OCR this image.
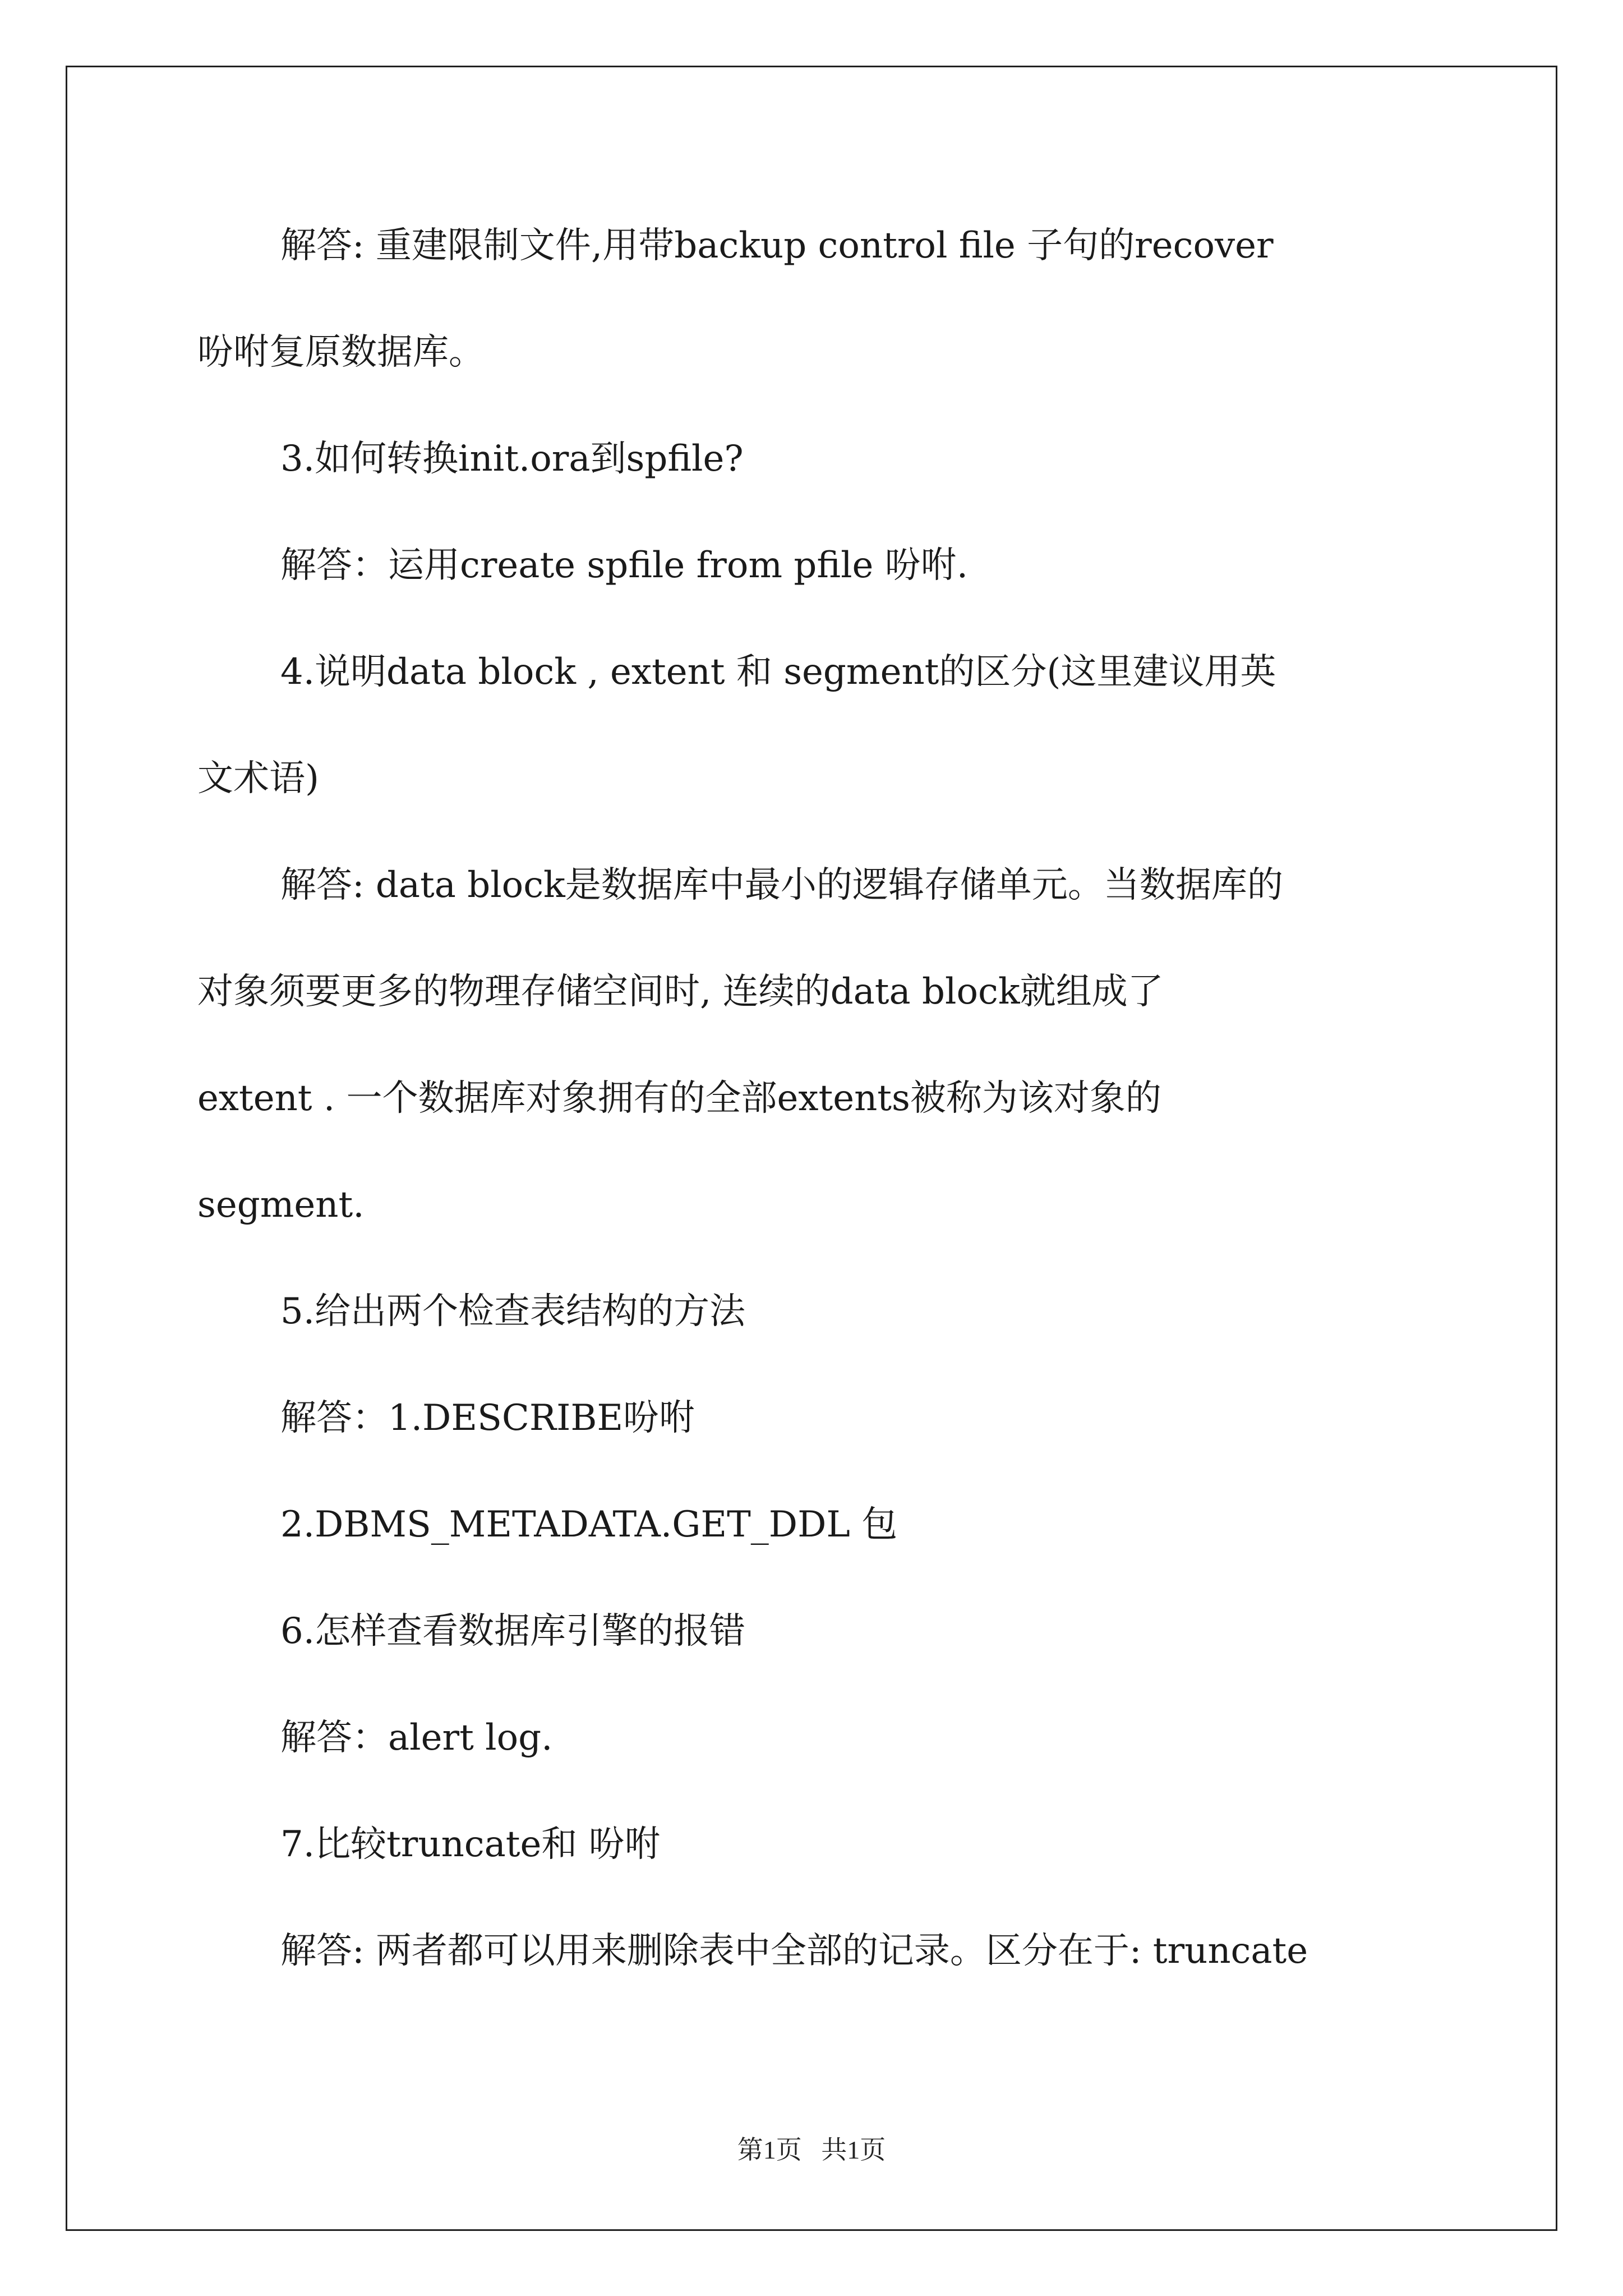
解答: 重建限制文件,用带backup control file 子句的recover

吩咐复原数据库。

3.如何转换init.ora到spfile?

解答：运用create spfile from pfile 吩咐.

4.说明data block , extent 和 segment的区分(这里建议用英

文术语)

解答: data block是数据库中最小的逻辑存储单元。当数据库的

对象须要更多的物理存储空间时, 连续的data block就组成了

extent . 一个数据库对象拥有的全部extents被称为该对象的

segment.

5.给出两个检查表结构的方法

解答：1.DESCRIBE吩咐

2.DBMS_METADATA.GET_DDL 包

6.怎样查看数据库引擎的报错

解答：alert log.

7.比较truncate和 吩咐

解答: 两者都可以用来删除表中全部的记录。区分在于: truncate

第1页   共1页
